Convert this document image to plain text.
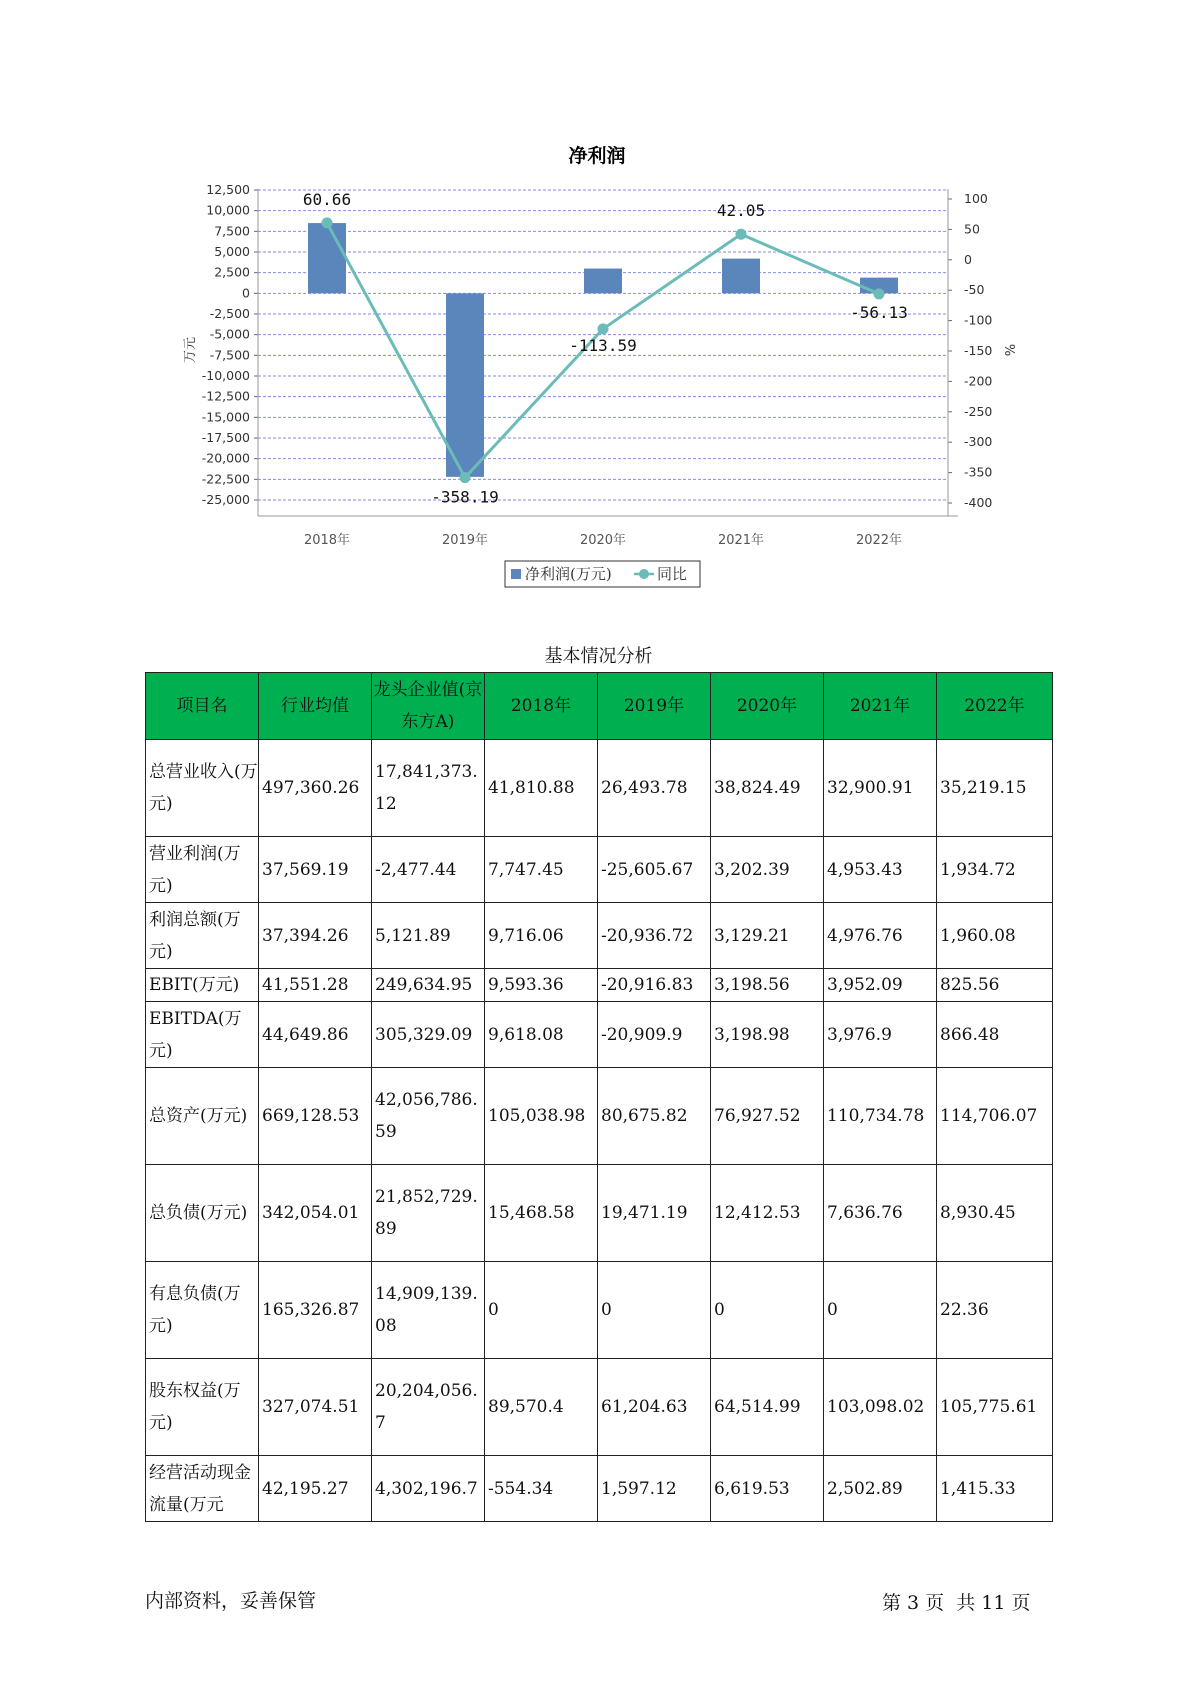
净利润
12,500
10,000
7,500
5,000
2,500
0
-2,500
-5,000
-7,500
-10,000
-12,500
-15,000
-17,500
-20,000
-22,500
-25,000
100
50
0
-50
-100
-150
-200
-250
-300
-350
-400
2018年	2019年	2020年	2021年	2022年
万元	%
60.66
-358.19
-113.59
42.05
-56.13
净利润(万元)	同比
基本情况分析
项目名	行业均值	龙头企业值(京东方A)	2018年	2019年	2020年	2021年	2022年
总营业收入(万元)	497,360.26	17,841,373.12	41,810.88	26,493.78	38,824.49	32,900.91	35,219.15
营业利润(万元)	37,569.19	-2,477.44	7,747.45	-25,605.67	3,202.39	4,953.43	1,934.72
利润总额(万元)	37,394.26	5,121.89	9,716.06	-20,936.72	3,129.21	4,976.76	1,960.08
EBIT(万元)	41,551.28	249,634.95	9,593.36	-20,916.83	3,198.56	3,952.09	825.56
EBITDA(万元)	44,649.86	305,329.09	9,618.08	-20,909.9	3,198.98	3,976.9	866.48
总资产(万元)	669,128.53	42,056,786.59	105,038.98	80,675.82	76,927.52	110,734.78	114,706.07
总负债(万元)	342,054.01	21,852,729.89	15,468.58	19,471.19	12,412.53	7,636.76	8,930.45
有息负债(万元)	165,326.87	14,909,139.08	0	0	0	0	22.36
股东权益(万元)	327,074.51	20,204,056.7	89,570.4	61,204.63	64,514.99	103,098.02	105,775.61
经营活动现金流量(万元	42,195.27	4,302,196.7	-554.34	1,597.12	6,619.53	2,502.89	1,415.33
内部资料，妥善保管	第 3 页  共 11 页
